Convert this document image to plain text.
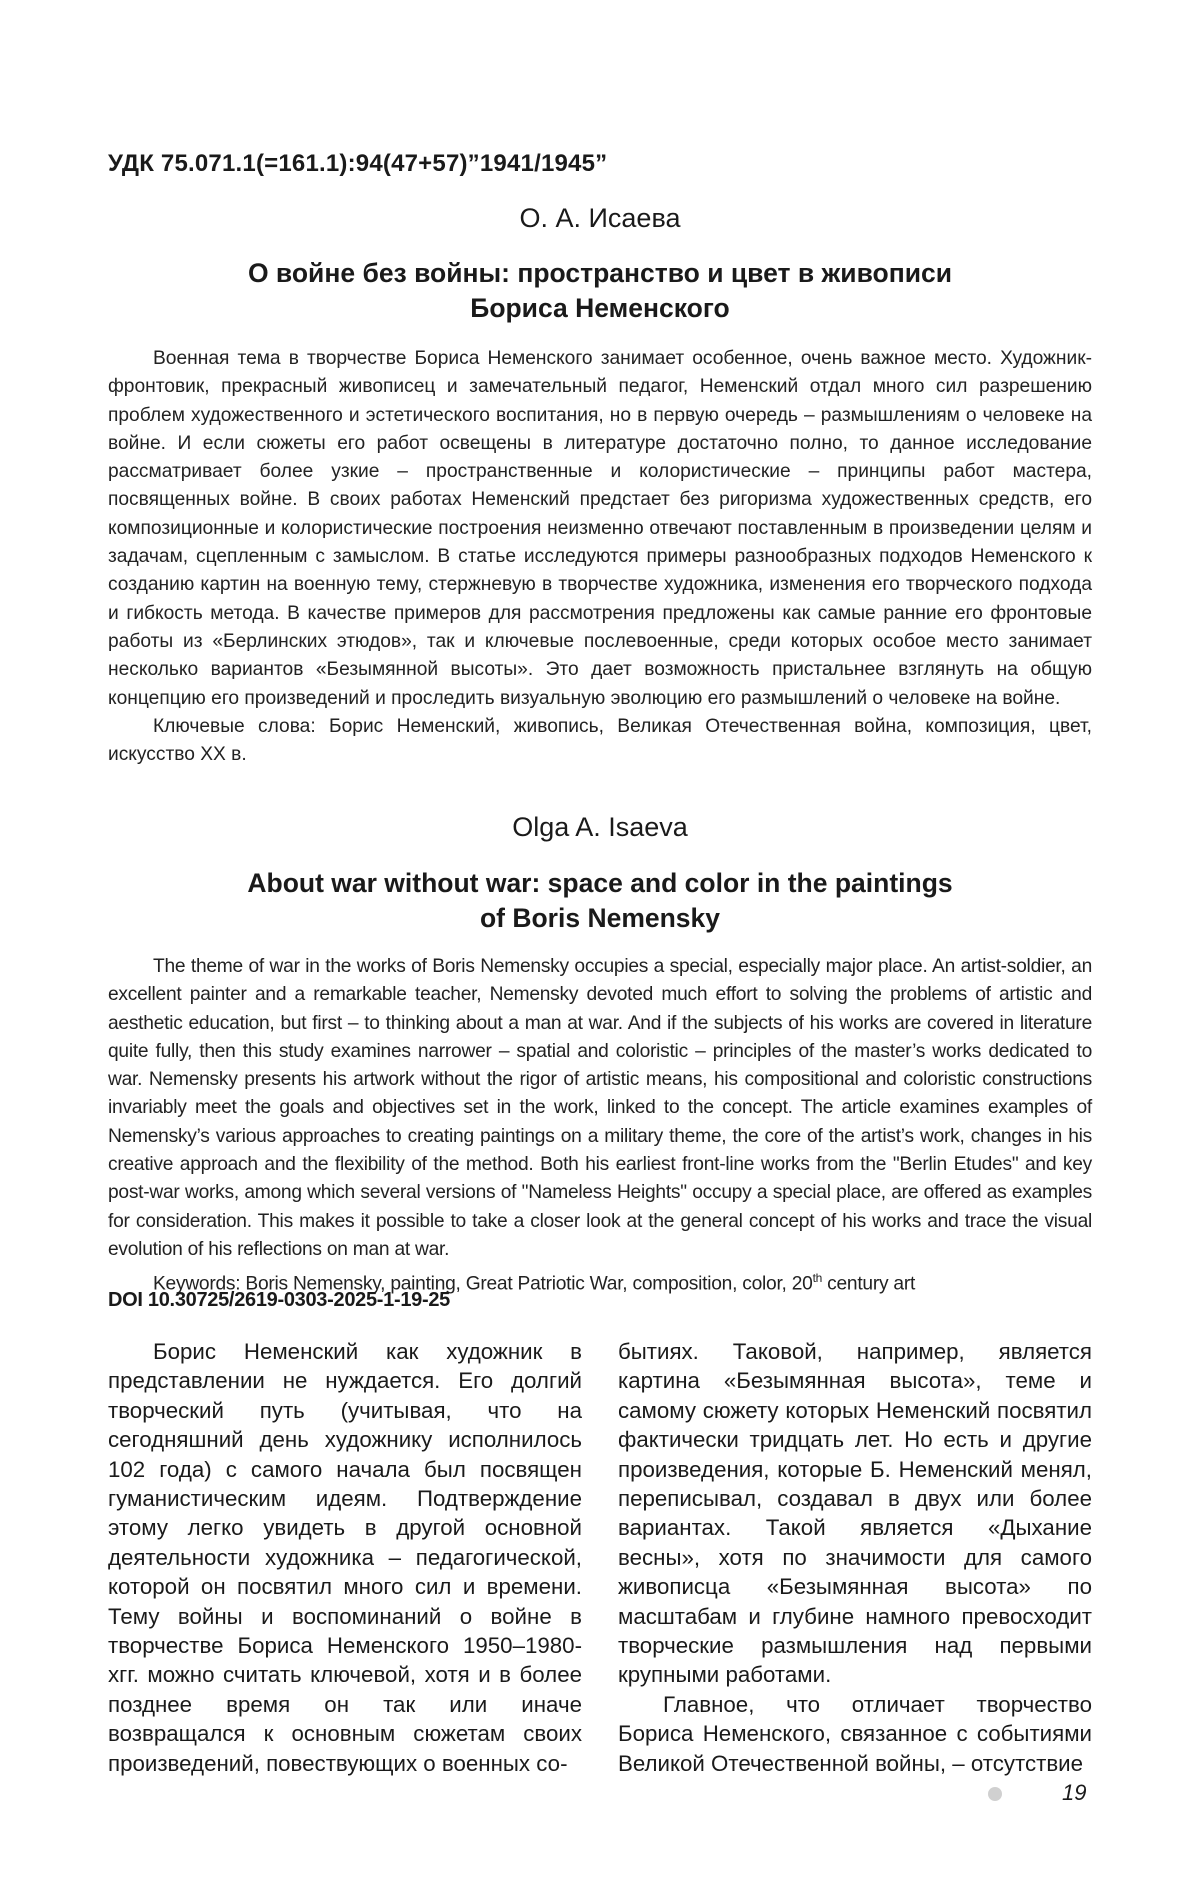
УДК 75.071.1(=161.1):94(47+57)”1941/1945”
О. А. Исаева
О войне без войны: пространство и цвет в живописи
Бориса Неменского

Военная тема в творчестве Бориса Неменского занимает особенное, очень важное место. Художник-фронтовик, прекрасный живописец и замечательный педагог, Неменский отдал много сил разрешению проблем художественного и эстетического воспитания, но в первую очередь – размышлениям о человеке на войне. И если сюжеты его работ освещены в литературе достаточно полно, то данное исследование рассматривает более узкие – пространственные и колористические – принципы работ мастера, посвященных войне. В своих работах Неменский предстает без ригоризма художественных средств, его композиционные и колористические построения неизменно отвечают поставленным в произведении целям и задачам, сцепленным с замыслом. В статье исследуются примеры разнообразных подходов Неменского к созданию картин на военную тему, стержневую в творчестве художника, изменения его творческого подхода и гибкость метода. В качестве примеров для рассмотрения предложены как самые ранние его фронтовые работы из «Берлинских этюдов», так и ключевые послевоенные, среди которых особое место занимает несколько вариантов «Безымянной высоты». Это дает возможность пристальнее взглянуть на общую концепцию его произведений и проследить визуальную эволюцию его размышлений о человеке на войне.

Ключевые слова: Борис Неменский, живопись, Великая Отечественная война, композиция, цвет, искусство XX в.

Olga A. Isaeva
About war without war: space and color in the paintings
of Boris Nemensky

The theme of war in the works of Boris Nemensky occupies a special, especially major place. An artist-soldier, an excellent painter and a remarkable teacher, Nemensky devoted much effort to solving the problems of artistic and aesthetic education, but first – to thinking about a man at war. And if the subjects of his works are covered in literature quite fully, then this study examines narrower – spatial and coloristic – principles of the master’s works dedicated to war. Nemensky presents his artwork without the rigor of artistic means, his compositional and coloristic constructions invariably meet the goals and objectives set in the work, linked to the concept. The article examines examples of Nemensky’s various approaches to creating paintings on a military theme, the core of the artist’s work, changes in his creative approach and the flexibility of the method. Both his earliest front-line works from the "Berlin Etudes" and key post-war works, among which several versions of "Nameless Heights" occupy a special place, are offered as examples for consideration. This makes it possible to take a closer look at the general concept of his works and trace the visual evolution of his reflections on man at war.

Keywords: Boris Nemensky, painting, Great Patriotic War, composition, color, 20th century art

DOI 10.30725/2619-0303-2025-1-19-25

Борис Неменский как художник в представлении не нуждается. Его долгий творческий путь (учитывая, что на сегодняшний день художнику исполнилось 102 года) с самого начала был посвящен гуманистическим идеям. Подтверждение этому легко увидеть в другой основной деятельности художника – педагогической, которой он посвятил много сил и времени. Тему войны и воспоминаний о войне в творчестве Бориса Неменского 1950–1980-хгг. можно считать ключевой, хотя и в более позднее время он так или иначе возвращался к основным сюжетам своих произведений, повествующих о военных со-

бытиях. Таковой, например, является картина «Безымянная высота», теме и самому сюжету которых Неменский посвятил фактически тридцать лет. Но есть и другие произведения, которые Б. Неменский менял, переписывал, создавал в двух или более вариантах. Такой является «Дыхание весны», хотя по значимости для самого живописца «Безымянная высота» по масштабам и глубине намного превосходит творческие размышления над первыми крупными работами.

Главное, что отличает творчество Бориса Неменского, связанное с событиями Великой Отечественной войны, – отсутствие

19
